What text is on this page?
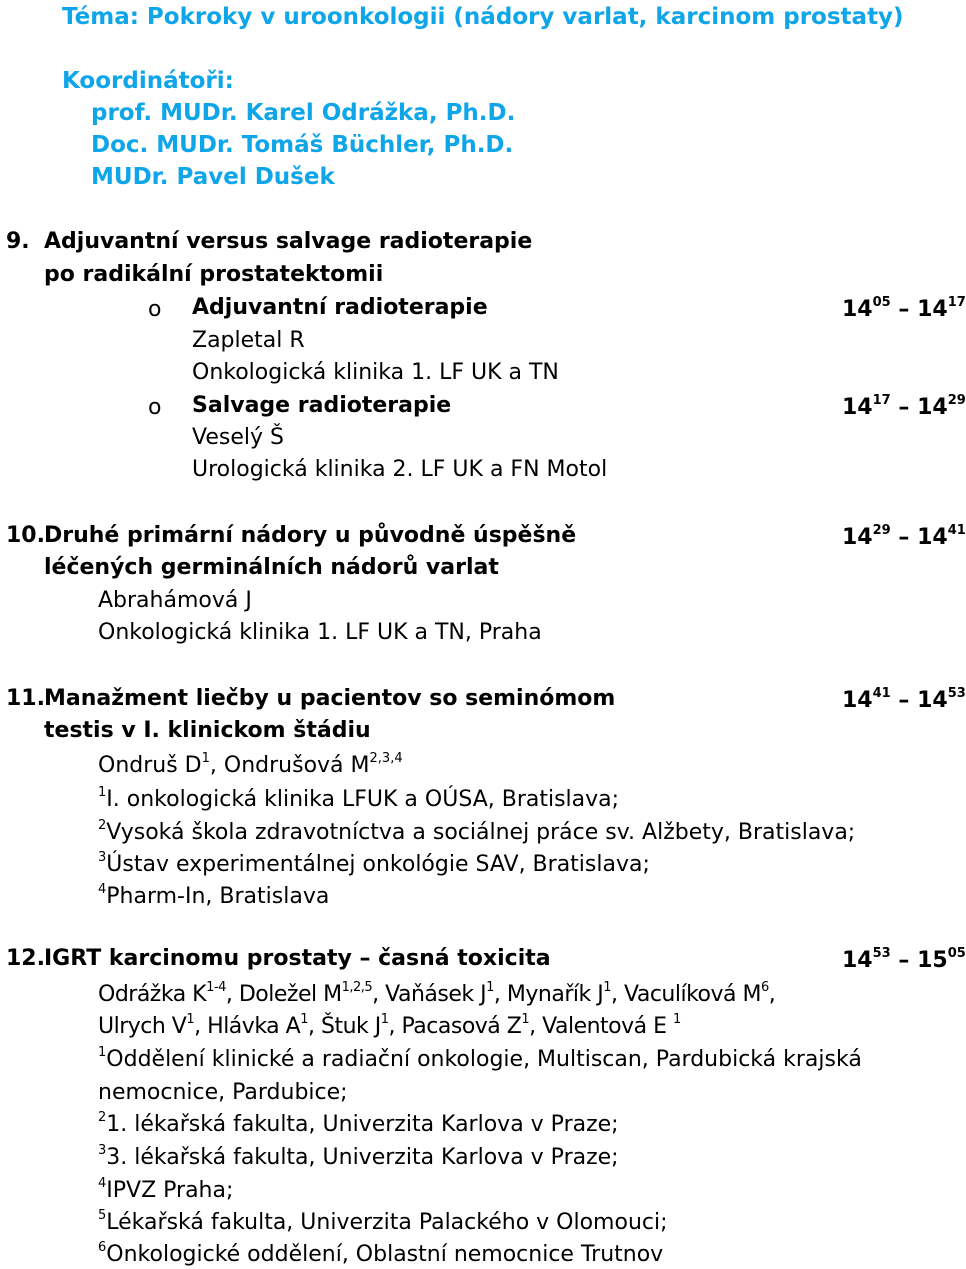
Téma: Pokroky v uroonkologii (nádory varlat, karcinom prostaty)
Koordinátoři:
prof. MUDr. Karel Odrážka, Ph.D.
Doc. MUDr. Tomáš Büchler, Ph.D.
MUDr. Pavel Dušek
9. Adjuvantní versus salvage radioterapie
po radikální prostatektomii
o Adjuvantní radioterapie	$14^{05} - 14^{17}$
Zapletal R
Onkologická klinika 1. LF UK a TN
o Salvage radioterapie	$14^{17} - 14^{29}$
Veselý Š
Urologická klinika 2. LF UK a FN Motol
10. Druhé primární nádory u původně úspěšně	$14^{29} - 14^{41}$
léčených germinálních nádorů varlat
Abrahámová J
Onkologická klinika 1. LF UK a TN, Praha
11. Manažment liečby u pacientov so seminómom	$14^{41} - 14^{53}$
testis v I. klinickom štádiu
Ondruš $D^1$, Ondrušová M$^{2,3,4}$
$^1$I. onkologická klinika LFUK a OÚSA, Bratislava;
$^2$Vysoká škola zdravotníctva a sociálnej práce sv. Alžbety, Bratislava;
$^3$Ústav experimentálnej onkológie SAV, Bratislava;
$^4$Pharm-In, Bratislava
12. IGRT karcinomu prostaty – časná toxicita	$14^{53} - 15^{05}$
Odrážka $K^{1-4}$, Doležel M$^{1,2,5}$, Vaňásek $J^1$, Mynařík $J^1$, Vaculíková $M^6$,
Ulrych $V^1$, Hlávka $A^1$, Štuk $J^1$, Pacasová $Z^1$, Valentová E $^1$
$^1$Oddělení klinické a radiační onkologie, Multiscan, Pardubická krajská
nemocnice, Pardubice;
$^2$1. lékařská fakulta, Univerzita Karlova v Praze;
$^3$3. lékařská fakulta, Univerzita Karlova v Praze;
$^4$IPVZ Praha;
$^5$Lékařská fakulta, Univerzita Palackého v Olomouci;
$^6$Onkologické oddělení, Oblastní nemocnice Trutnov
